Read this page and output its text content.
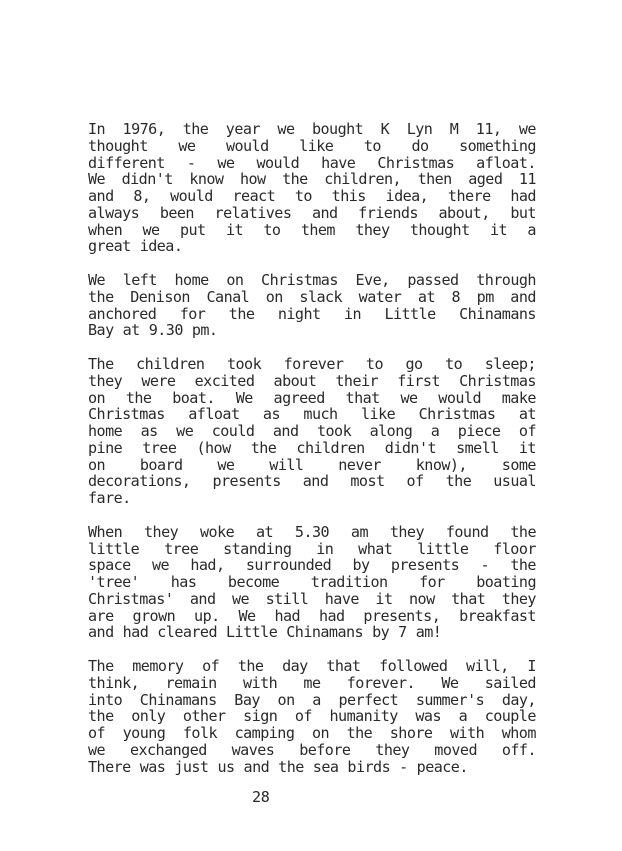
In 1976, the year we bought K Lyn M 11, we
thought we would like to do something
different - we would have Christmas afloat.
We didn't know how the children, then aged 11
and 8, would react to this idea, there had
always been relatives and friends about, but
when we put it to them they thought it a
great idea.
We left home on Christmas Eve, passed through
the Denison Canal on slack water at 8 pm and
anchored for the night in Little Chinamans
Bay at 9.30 pm.
The children took forever to go to sleep;
they were excited about their first Christmas
on the boat. We agreed that we would make
Christmas afloat as much like Christmas at
home as we could and took along a piece of
pine tree (how the children didn't smell it
on board we will never know), some
decorations, presents and most of the usual
fare.
When they woke at 5.30 am they found the
little tree standing in what little floor
space we had, surrounded by presents - the
'tree' has become tradition for boating
Christmas' and we still have it now that they
are grown up. We had had presents, breakfast
and had cleared Little Chinamans by 7 am!
The memory of the day that followed will, I
think, remain with me forever. We sailed
into Chinamans Bay on a perfect summer's day,
the only other sign of humanity was a couple
of young folk camping on the shore with whom
we exchanged waves before they moved off.
There was just us and the sea birds - peace.
28
